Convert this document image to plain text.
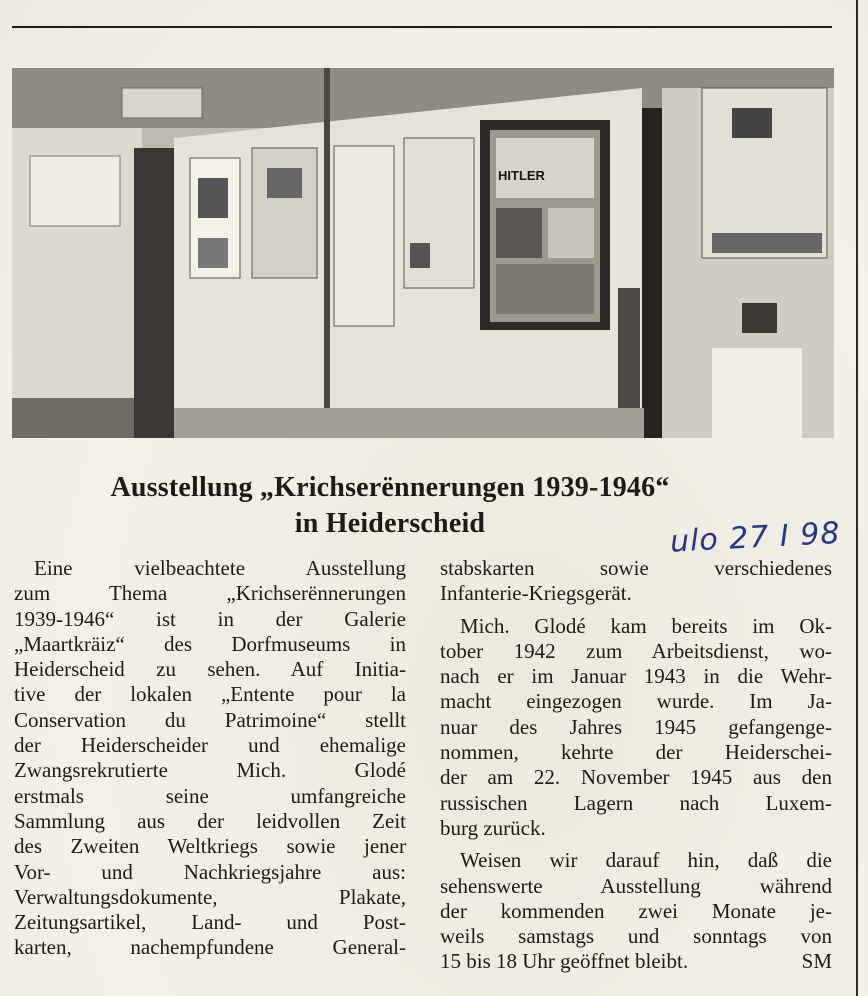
HITLER
Ausstellung „Krichserënnerungen 1939-1946“
in Heiderscheid	ulo 27 I 98
Eine vielbeachtete Ausstellung
zum Thema „Krichserënnerungen
1939-1946“ ist in der Galerie
„Maartkräiz“ des Dorfmuseums in
Heiderscheid zu sehen. Auf Initia-
tive der lokalen „Entente pour la
Conservation du Patrimoine“ stellt
der Heiderscheider und ehemalige
Zwangsrekrutierte Mich. Glodé
erstmals seine umfangreiche
Sammlung aus der leidvollen Zeit
des Zweiten Weltkriegs sowie jener
Vor- und Nachkriegsjahre aus:
Verwaltungsdokumente, Plakate,
Zeitungsartikel, Land- und Post-
karten, nachempfundene General-
stabskarten sowie verschiedenes
Infanterie-Kriegsgerät.
Mich. Glodé kam bereits im Ok-
tober 1942 zum Arbeitsdienst, wo-
nach er im Januar 1943 in die Wehr-
macht eingezogen wurde. Im Ja-
nuar des Jahres 1945 gefangenge-
nommen, kehrte der Heiderschei-
der am 22. November 1945 aus den
russischen Lagern nach Luxem-
burg zurück.
Weisen wir darauf hin, daß die
sehenswerte Ausstellung während
der kommenden zwei Monate je-
weils samstags und sonntags von
15 bis 18 Uhr geöffnet bleibt.	SM
